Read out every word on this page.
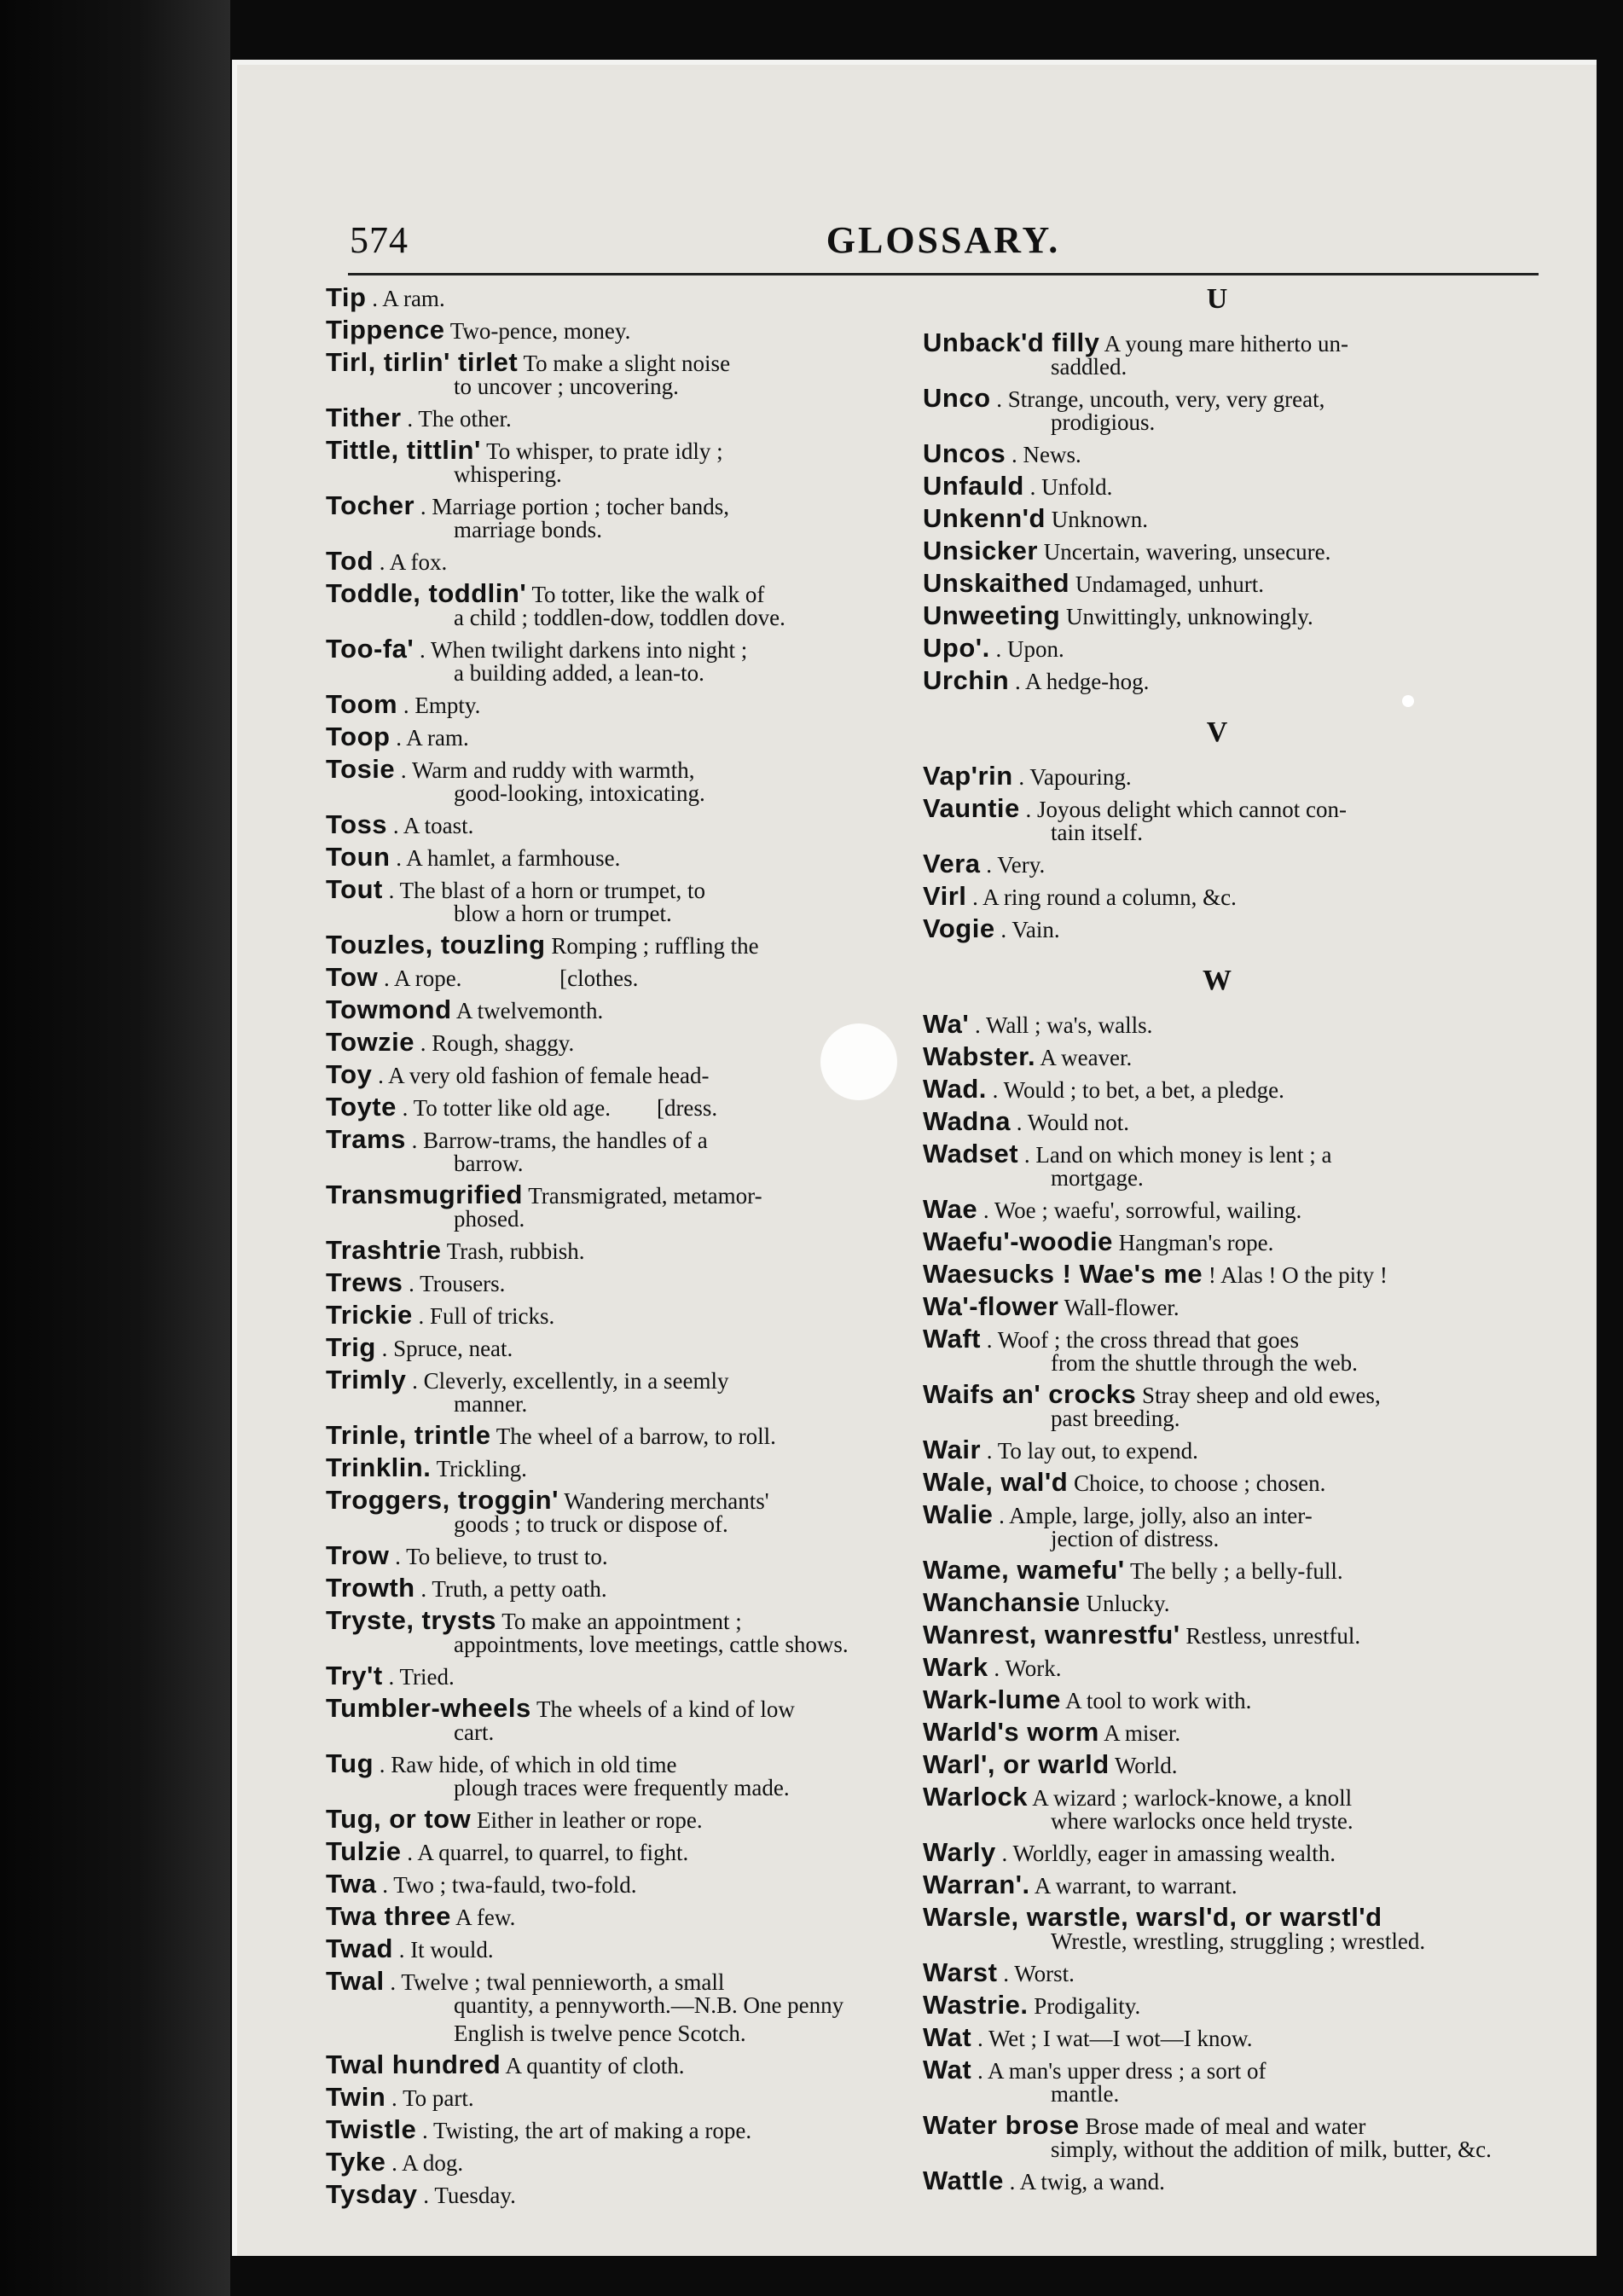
574	GLOSSARY.
Tip . A ram.
Tippence Two-pence, money.
Tirl, tirlin' tirlet To make a slight noise
to uncover ; uncovering.
Tither . The other.
Tittle, tittlin' To whisper, to prate idly ;
whispering.
Tocher . Marriage portion ; tocher bands,
marriage bonds.
Tod . A fox.
Toddle, toddlin' To totter, like the walk of
a child ; toddlen-dow, toddlen dove.
Too-fa' . When twilight darkens into night ;
a building added, a lean-to.
Toom . Empty.
Toop . A ram.
Tosie . Warm and ruddy with warmth,
good-looking, intoxicating.
Toss . A toast.
Toun . A hamlet, a farmhouse.
Tout . The blast of a horn or trumpet, to
blow a horn or trumpet.
Touzles, touzling Romping ; ruffling the
Tow . A rope.                 [clothes.
Towmond A twelvemonth.
Towzie . Rough, shaggy.
Toy . A very old fashion of female head-
Toyte . To totter like old age.        [dress.
Trams . Barrow-trams, the handles of a
barrow.
Transmugrified Transmigrated, metamor-
phosed.
Trashtrie Trash, rubbish.
Trews . Trousers.
Trickie . Full of tricks.
Trig . Spruce, neat.
Trimly . Cleverly, excellently, in a seemly
manner.
Trinle, trintle The wheel of a barrow, to roll.
Trinklin. Trickling.
Troggers, troggin' Wandering merchants'
goods ; to truck or dispose of.
Trow . To believe, to trust to.
Trowth . Truth, a petty oath.
Tryste, trysts To make an appointment ;
appointments, love meetings, cattle shows.
Try't . Tried.
Tumbler-wheels The wheels of a kind of low
cart.
Tug . Raw hide, of which in old time
plough traces were frequently made.
Tug, or tow Either in leather or rope.
Tulzie . A quarrel, to quarrel, to fight.
Twa . Two ; twa-fauld, two-fold.
Twa three A few.
Twad . It would.
Twal . Twelve ; twal pennieworth, a small
quantity, a pennyworth.—N.B. One penny English is twelve pence Scotch.
Twal hundred A quantity of cloth.
Twin . To part.
Twistle . Twisting, the art of making a rope.
Tyke . A dog.
Tysday . Tuesday.
U
Unback'd filly A young mare hitherto un-
saddled.
Unco . Strange, uncouth, very, very great,
prodigious.
Uncos . News.
Unfauld . Unfold.
Unkenn'd Unknown.
Unsicker Uncertain, wavering, unsecure.
Unskaithed Undamaged, unhurt.
Unweeting Unwittingly, unknowingly.
Upo'. . Upon.
Urchin . A hedge-hog.
V
Vap'rin . Vapouring.
Vauntie . Joyous delight which cannot con-
tain itself.
Vera . Very.
Virl . A ring round a column, &c.
Vogie . Vain.
W
Wa' . Wall ; wa's, walls.
Wabster. A weaver.
Wad. . Would ; to bet, a bet, a pledge.
Wadna . Would not.
Wadset . Land on which money is lent ; a
mortgage.
Wae . Woe ; waefu', sorrowful, wailing.
Waefu'-woodie Hangman's rope.
Waesucks ! Wae's me ! Alas ! O the pity !
Wa'-flower Wall-flower.
Waft . Woof ; the cross thread that goes
from the shuttle through the web.
Waifs an' crocks Stray sheep and old ewes,
past breeding.
Wair . To lay out, to expend.
Wale, wal'd Choice, to choose ; chosen.
Walie . Ample, large, jolly, also an inter-
jection of distress.
Wame, wamefu' The belly ; a belly-full.
Wanchansie Unlucky.
Wanrest, wanrestfu' Restless, unrestful.
Wark . Work.
Wark-lume A tool to work with.
Warld's worm A miser.
Warl', or warld World.
Warlock A wizard ; warlock-knowe, a knoll
where warlocks once held tryste.
Warly . Worldly, eager in amassing wealth.
Warran'. A warrant, to warrant.
Warsle, warstle, warsl'd, or warstl'd
Wrestle, wrestling, struggling ; wrestled.
Warst . Worst.
Wastrie. Prodigality.
Wat . Wet ; I wat—I wot—I know.
Wat . A man's upper dress ; a sort of
mantle.
Water brose Brose made of meal and water
simply, without the addition of milk, butter, &c.
Wattle . A twig, a wand.
